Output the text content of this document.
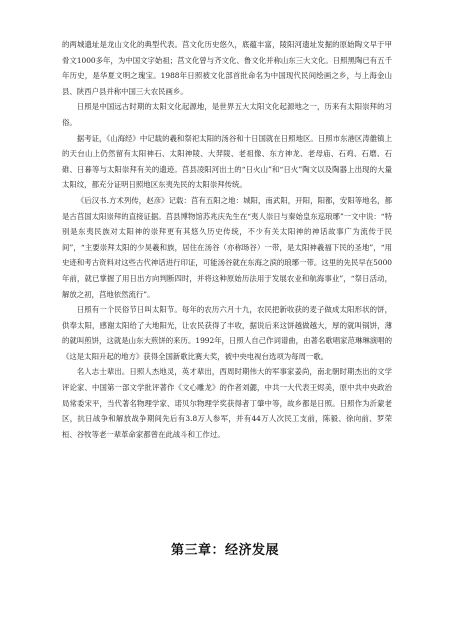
的两城遗址是龙山文化的典型代表。莒文化历史悠久，底蕴丰富，陵阳河遗址发掘的原始陶文早于甲骨文1000多年，为中国文字始祖；莒文化曾与齐文化、鲁文化并称山东三大文化。日照黑陶已有五千年历史，是华夏文明之瑰宝。1988年日照被文化部首批命名为中国现代民间绘画之乡，与上海金山县、陕西户县并称中国三大农民画乡。

日照是中国远古时期的太阳文化起源地，是世界五大太阳文化起源地之一，历来有太阳崇拜的习俗。

据考证，《山海经》中记载的羲和祭祀太阳的汤谷和十日国就在日照地区。日照市东港区涛雒镇上的天台山上仍然留有太阳神石、太阳神陵、大羿陵、老祖像、东方神龙、老母庙、石鸡、石磨、石碓、日暮等与太阳崇拜有关的遗迹。莒县凌阳河出土的“日火山”和“日火”陶文以及陶器上出现的大量太阳纹，都充分证明日照地区东夷先民的太阳崇拜传统。

《后汉书.方术列传，赵彦》记载：莒有五阳之地：城阳，南武阳，开阳，阳都，安阳等地名，都是古莒国太阳崇拜的直接证据。莒县博物馆苏兆庆先生在“夷人崇日与秦始皇东巡琅琊”一文中说：“特别是东夷民族对太阳神的崇拜更有其悠久历史传统，不少有关太阳神的神话故事广为流传于民间”，“主要崇拜太阳的少昊羲和族，居住在汤谷（亦称旸谷）一带，是太阳神羲福下民的圣地”，“用史迹和考古资料对这些古代神话进行印证，可能汤谷就在东海之滨的琅琊一带。这里的先民早在5000年前，就已掌握了用日出方向判断四时，并将这种原始历法用于发展农业和航海事业”，“祭日活动，解放之初，莒地依然流行”。

日照有一个民俗节日叫太阳节。每年的农历六月十九，农民把新收获的麦子做成太阳形状的饼，供奉太阳，感谢太阳给了大地阳光，让农民获得了丰收，据说后来这饼越做越大，厚的就叫锅饼，薄的就叫煎饼，这就是山东大煎饼的来历。1992年，日照人自己作词谱曲，由著名歌唱家范琳琳演唱的《这是太阳升起的地方》获得全国新歌比赛大奖，被中央电视台选项为每周一歌。

名人志士辈出。日照人杰地灵，英才辈出，西周时期伟大的军事家姜尚，南北朝时期杰出的文学评论家、中国第一部文学批评著作《文心雕龙》的作者刘勰，中共一大代表王烬美，原中共中央政治局常委宋平，当代著名物理学家、诺贝尔物理学奖获得者丁肇中等，故乡都是日照。日照作为沂蒙老区，抗日战争和解放战争期间先后有3.8万人参军，并有44万人次民工支前，陈毅、徐向前、罗荣桓、谷牧等老一辈革命家都曾在此战斗和工作过。

第三章：经济发展
